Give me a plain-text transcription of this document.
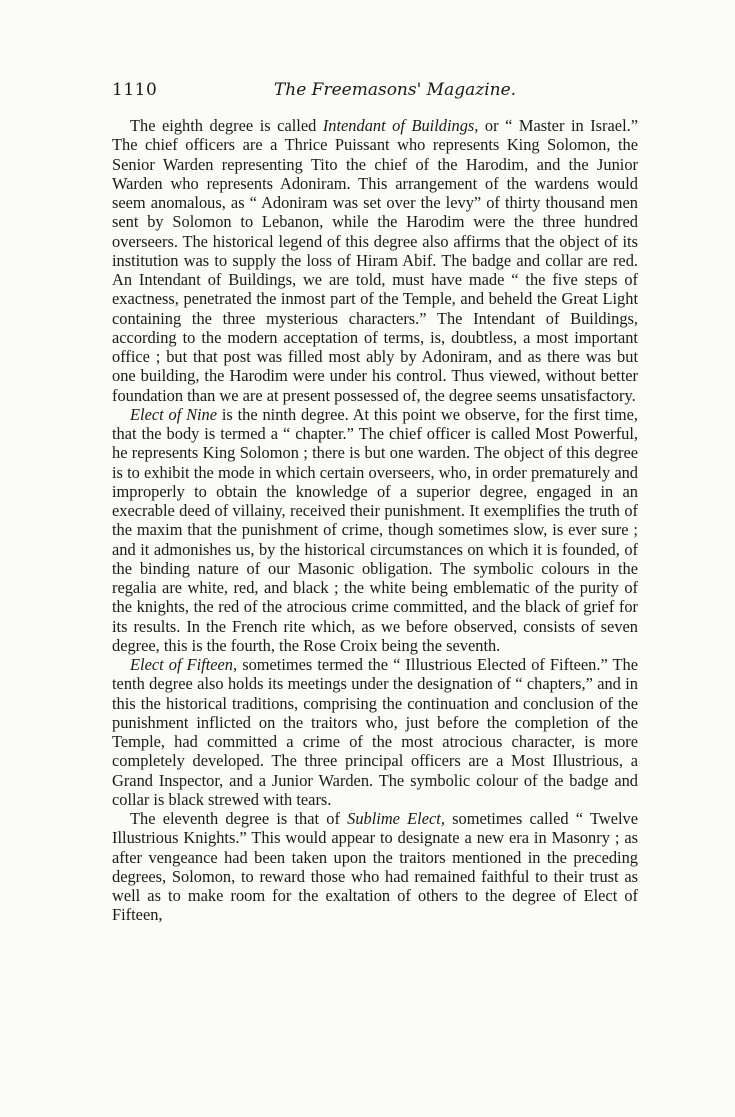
1110	The Freemasons' Magazine.

The eighth degree is called Intendant of Buildings, or “ Master in Israel.” The chief officers are a Thrice Puissant who represents King Solomon, the Senior Warden representing Tito the chief of the Harodim, and the Junior Warden who represents Adoniram. This arrangement of the wardens would seem anomalous, as “ Adoniram was set over the levy” of thirty thousand men sent by Solomon to Lebanon, while the Harodim were the three hundred overseers. The historical legend of this degree also affirms that the object of its institution was to supply the loss of Hiram Abif. The badge and collar are red. An Intendant of Buildings, we are told, must have made “ the five steps of exactness, penetrated the inmost part of the Temple, and beheld the Great Light containing the three mysterious characters.” The Intendant of Buildings, according to the modern acceptation of terms, is, doubtless, a most important office ; but that post was filled most ably by Adoniram, and as there was but one building, the Harodim were under his control. Thus viewed, without better foundation than we are at present possessed of, the degree seems unsatisfactory.

Elect of Nine is the ninth degree. At this point we observe, for the first time, that the body is termed a “ chapter.” The chief officer is called Most Powerful, he represents King Solomon ; there is but one warden. The object of this degree is to exhibit the mode in which certain overseers, who, in order prematurely and improperly to obtain the knowledge of a superior degree, engaged in an execrable deed of villainy, received their punishment. It exemplifies the truth of the maxim that the punishment of crime, though sometimes slow, is ever sure ; and it admonishes us, by the historical circumstances on which it is founded, of the binding nature of our Masonic obligation. The symbolic colours in the regalia are white, red, and black ; the white being emblematic of the purity of the knights, the red of the atrocious crime committed, and the black of grief for its results. In the French rite which, as we before observed, consists of seven degree, this is the fourth, the Rose Croix being the seventh.

Elect of Fifteen, sometimes termed the “ Illustrious Elected of Fifteen.” The tenth degree also holds its meetings under the designation of “ chapters,” and in this the historical traditions, comprising the continuation and conclusion of the punishment inflicted on the traitors who, just before the completion of the Temple, had committed a crime of the most atrocious character, is more completely developed. The three principal officers are a Most Illustrious, a Grand Inspector, and a Junior Warden. The symbolic colour of the badge and collar is black strewed with tears.

The eleventh degree is that of Sublime Elect, sometimes called “ Twelve Illustrious Knights.” This would appear to designate a new era in Masonry ; as after vengeance had been taken upon the traitors mentioned in the preceding degrees, Solomon, to reward those who had remained faithful to their trust as well as to make room for the exaltation of others to the degree of Elect of Fifteen,
